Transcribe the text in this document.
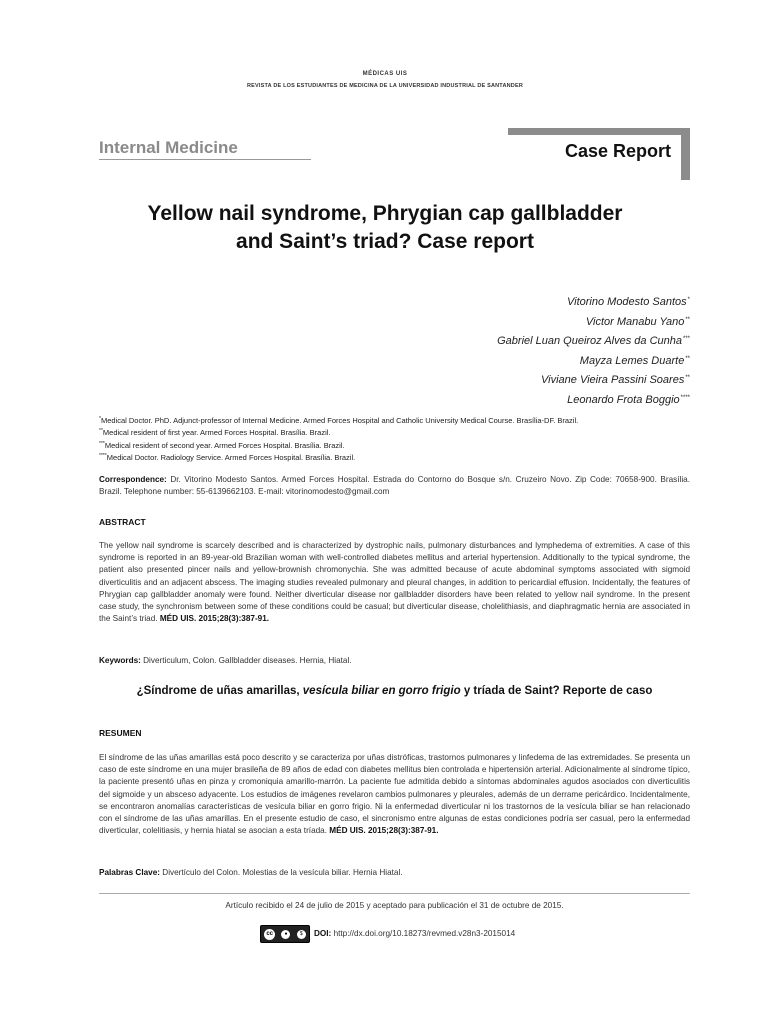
MÉDICAS UIS
REVISTA DE LOS ESTUDIANTES DE MEDICINA DE LA UNIVERSIDAD INDUSTRIAL DE SANTANDER
Internal Medicine	Case Report
Yellow nail syndrome, Phrygian cap gallbladder
and Saint’s triad? Case report
Vitorino Modesto Santos*
Victor Manabu Yano**
Gabriel Luan Queiroz Alves da Cunha***
Mayza Lemes Duarte**
Viviane Vieira Passini Soares**
Leonardo Frota Boggio****
*Medical Doctor. PhD. Adjunct-professor of Internal Medicine. Armed Forces Hospital and Catholic University Medical Course. Brasília-DF. Brazil.
**Medical resident of first year. Armed Forces Hospital. Brasília. Brazil.
***Medical resident of second year. Armed Forces Hospital. Brasília. Brazil.
****Medical Doctor. Radiology Service. Armed Forces Hospital. Brasília. Brazil.
Correspondence: Dr. Vitorino Modesto Santos. Armed Forces Hospital. Estrada do Contorno do Bosque s/n. Cruzeiro Novo. Zip Code: 70658-900. Brasília. Brazil. Telephone number: 55-6139662103. E-mail: vitorinomodesto@gmail.com
ABSTRACT
The yellow nail syndrome is scarcely described and is characterized by dystrophic nails, pulmonary disturbances and lymphedema of extremities. A case of this syndrome is reported in an 89-year-old Brazilian woman with well-controlled diabetes mellitus and arterial hypertension. Additionally to the typical syndrome, the patient also presented pincer nails and yellow-brownish chromonychia. She was admitted because of acute abdominal symptoms associated with sigmoid diverticulitis and an adjacent abscess. The imaging studies revealed pulmonary and pleural changes, in addition to pericardial effusion. Incidentally, the features of Phrygian cap gallbladder anomaly were found. Neither diverticular disease nor gallbladder disorders have been related to yellow nail syndrome. In the present case study, the synchronism between some of these conditions could be casual; but diverticular disease, cholelithiasis, and diaphragmatic hernia are associated in the Saint’s triad. MÉD UIS. 2015;28(3):387-91.
Keywords: Diverticulum, Colon. Gallbladder diseases. Hernia, Hiatal.
¿Síndrome de uñas amarillas, vesícula biliar en gorro frigio y tríada de Saint? Reporte de caso
RESUMEN
El síndrome de las uñas amarillas está poco descrito y se caracteriza por uñas distróficas, trastornos pulmonares y linfedema de las extremidades. Se presenta un caso de este síndrome en una mujer brasileña de 89 años de edad con diabetes mellitus bien controlada e hipertensión arterial. Adicionalmente al síndrome típico, la paciente presentó uñas en pinza y cromoniquia amarillo-marrón. La paciente fue admitida debido a síntomas abdominales agudos asociados con diverticulitis del sigmoide y un absceso adyacente. Los estudios de imágenes revelaron cambios pulmonares y pleurales, además de un derrame pericárdico. Incidentalmente, se encontraron anomalías características de vesícula biliar en gorro frigio. Ni la enfermedad diverticular ni los trastornos de la vesícula biliar se han relacionado con el síndrome de las uñas amarillas. En el presente estudio de caso, el sincronismo entre algunas de estas condiciones podría ser casual, pero la enfermedad diverticular, colelitiasis, y hernia hiatal se asocian a esta tríada. MÉD UIS. 2015;28(3):387-91.
Palabras Clave: Divertículo del Colon. Molestias de la vesícula biliar. Hernia Hiatal.
Artículo recibido el 24 de julio de 2015 y aceptado para publicación el 31 de octubre de 2015.
cc	●	$	DOI: http://dx.doi.org/10.18273/revmed.v28n3-2015014
